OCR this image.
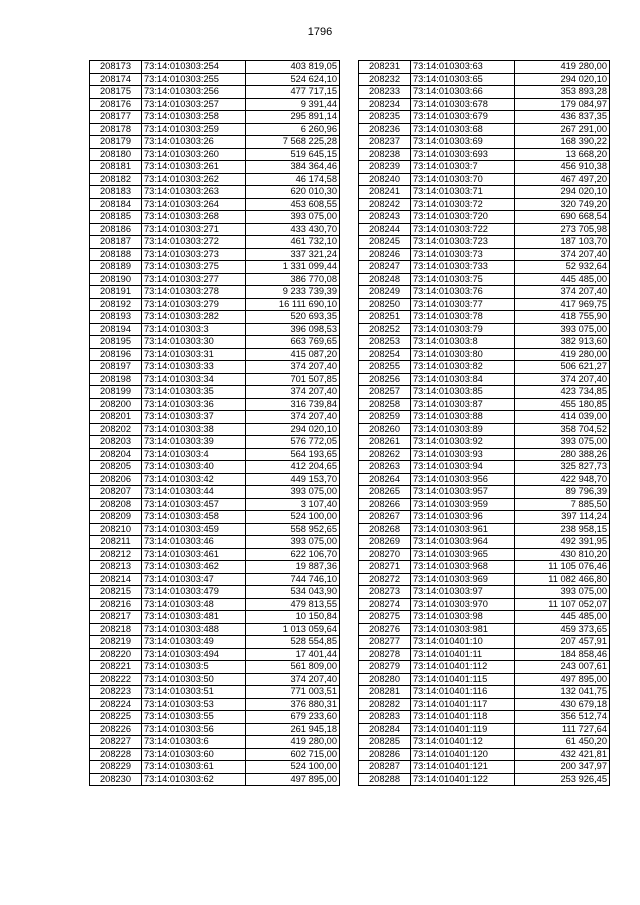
1796
208173	73:14:010303:254	403 819,05
208174	73:14:010303:255	524 624,10
208175	73:14:010303:256	477 717,15
208176	73:14:010303:257	9 391,44
208177	73:14:010303:258	295 891,14
208178	73:14:010303:259	6 260,96
208179	73:14:010303:26	7 568 225,28
208180	73:14:010303:260	519 645,15
208181	73:14:010303:261	384 364,46
208182	73:14:010303:262	46 174,58
208183	73:14:010303:263	620 010,30
208184	73:14:010303:264	453 608,55
208185	73:14:010303:268	393 075,00
208186	73:14:010303:271	433 430,70
208187	73:14:010303:272	461 732,10
208188	73:14:010303:273	337 321,24
208189	73:14:010303:275	1 331 099,44
208190	73:14:010303:277	386 770,08
208191	73:14:010303:278	9 233 739,39
208192	73:14:010303:279	16 111 690,10
208193	73:14:010303:282	520 693,35
208194	73:14:010303:3	396 098,53
208195	73:14:010303:30	663 769,65
208196	73:14:010303:31	415 087,20
208197	73:14:010303:33	374 207,40
208198	73:14:010303:34	701 507,85
208199	73:14:010303:35	374 207,40
208200	73:14:010303:36	316 739,84
208201	73:14:010303:37	374 207,40
208202	73:14:010303:38	294 020,10
208203	73:14:010303:39	576 772,05
208204	73:14:010303:4	564 193,65
208205	73:14:010303:40	412 204,65
208206	73:14:010303:42	449 153,70
208207	73:14:010303:44	393 075,00
208208	73:14:010303:457	3 107,40
208209	73:14:010303:458	524 100,00
208210	73:14:010303:459	558 952,65
208211	73:14:010303:46	393 075,00
208212	73:14:010303:461	622 106,70
208213	73:14:010303:462	19 887,36
208214	73:14:010303:47	744 746,10
208215	73:14:010303:479	534 043,90
208216	73:14:010303:48	479 813,55
208217	73:14:010303:481	10 150,84
208218	73:14:010303:488	1 013 059,64
208219	73:14:010303:49	528 554,85
208220	73:14:010303:494	17 401,44
208221	73:14:010303:5	561 809,00
208222	73:14:010303:50	374 207,40
208223	73:14:010303:51	771 003,51
208224	73:14:010303:53	376 880,31
208225	73:14:010303:55	679 233,60
208226	73:14:010303:56	261 945,18
208227	73:14:010303:6	419 280,00
208228	73:14:010303:60	602 715,00
208229	73:14:010303:61	524 100,00
208230	73:14:010303:62	497 895,00
208231	73:14:010303:63	419 280,00
208232	73:14:010303:65	294 020,10
208233	73:14:010303:66	353 893,28
208234	73:14:010303:678	179 084,97
208235	73:14:010303:679	436 837,35
208236	73:14:010303:68	267 291,00
208237	73:14:010303:69	168 390,22
208238	73:14:010303:693	13 668,20
208239	73:14:010303:7	456 910,38
208240	73:14:010303:70	467 497,20
208241	73:14:010303:71	294 020,10
208242	73:14:010303:72	320 749,20
208243	73:14:010303:720	690 668,54
208244	73:14:010303:722	273 705,98
208245	73:14:010303:723	187 103,70
208246	73:14:010303:73	374 207,40
208247	73:14:010303:733	52 932,64
208248	73:14:010303:75	445 485,00
208249	73:14:010303:76	374 207,40
208250	73:14:010303:77	417 969,75
208251	73:14:010303:78	418 755,90
208252	73:14:010303:79	393 075,00
208253	73:14:010303:8	382 913,60
208254	73:14:010303:80	419 280,00
208255	73:14:010303:82	506 621,27
208256	73:14:010303:84	374 207,40
208257	73:14:010303:85	423 734,85
208258	73:14:010303:87	455 180,85
208259	73:14:010303:88	414 039,00
208260	73:14:010303:89	358 704,52
208261	73:14:010303:92	393 075,00
208262	73:14:010303:93	280 388,26
208263	73:14:010303:94	325 827,73
208264	73:14:010303:956	422 948,70
208265	73:14:010303:957	89 796,39
208266	73:14:010303:959	7 885,50
208267	73:14:010303:96	397 114,24
208268	73:14:010303:961	238 958,15
208269	73:14:010303:964	492 391,95
208270	73:14:010303:965	430 810,20
208271	73:14:010303:968	11 105 076,46
208272	73:14:010303:969	11 082 466,80
208273	73:14:010303:97	393 075,00
208274	73:14:010303:970	11 107 052,07
208275	73:14:010303:98	445 485,00
208276	73:14:010303:981	459 373,65
208277	73:14:010401:10	207 457,91
208278	73:14:010401:11	184 858,46
208279	73:14:010401:112	243 007,61
208280	73:14:010401:115	497 895,00
208281	73:14:010401:116	132 041,75
208282	73:14:010401:117	430 679,18
208283	73:14:010401:118	356 512,74
208284	73:14:010401:119	111 727,64
208285	73:14:010401:12	61 450,20
208286	73:14:010401:120	432 421,81
208287	73:14:010401:121	200 347,97
208288	73:14:010401:122	253 926,45
